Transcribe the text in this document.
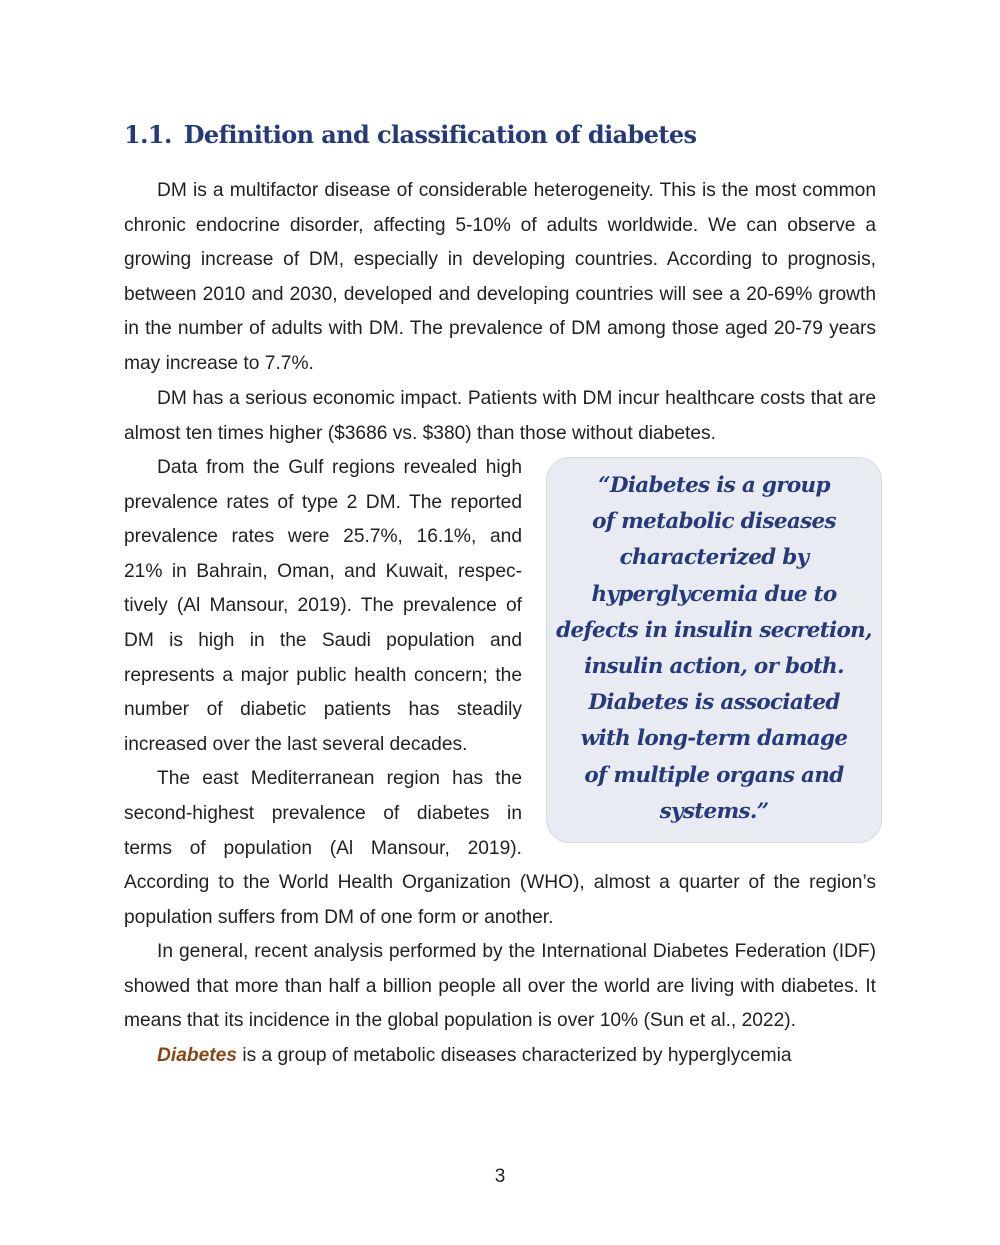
1.1. Definition and classification of diabetes

DM is a multifactor disease of considerable heterogeneity. This is the most common chronic endocrine disorder, affecting 5-10% of adults worldwide. We can observe a growing increase of DM, especially in developing countries. According to prognosis, between 2010 and 2030, developed and developing countries will see a 20-69% growth in the number of adults with DM. The prevalence of DM among those aged 20-79 years may increase to 7.7%.

DM has a serious economic impact. Patients with DM incur healthcare costs that are almost ten times higher ($3686 vs. $380) than those without diabetes.

Data from the Gulf regions revealed high prevalence rates of type 2 DM. The reported prevalence rates were 25.7%, 16.1%, and 21% in Bahrain, Oman, and Kuwait, respec-tively (Al Mansour, 2019). The prevalence of DM is high in the Saudi population and represents a major public health concern; the number of diabetic patients has steadily increased over the last several decades.

The east Mediterranean region has the second-highest prevalence of diabetes in terms of population (Al Mansour, 2019).

“Diabetes is a group
of metabolic diseases
characterized by
hyperglycemia due to
defects in insulin secretion,
insulin action, or both.
Diabetes is associated
with long-term damage
of multiple organs and
systems.”

According to the World Health Organization (WHO), almost a quarter of the region’s population suffers from DM of one form or another.

In general, recent analysis performed by the International Diabetes Federation (IDF) showed that more than half a billion people all over the world are living with diabetes. It means that its incidence in the global population is over 10% (Sun et al., 2022).

Diabetes is a group of metabolic diseases characterized by hyperglycemia

3
